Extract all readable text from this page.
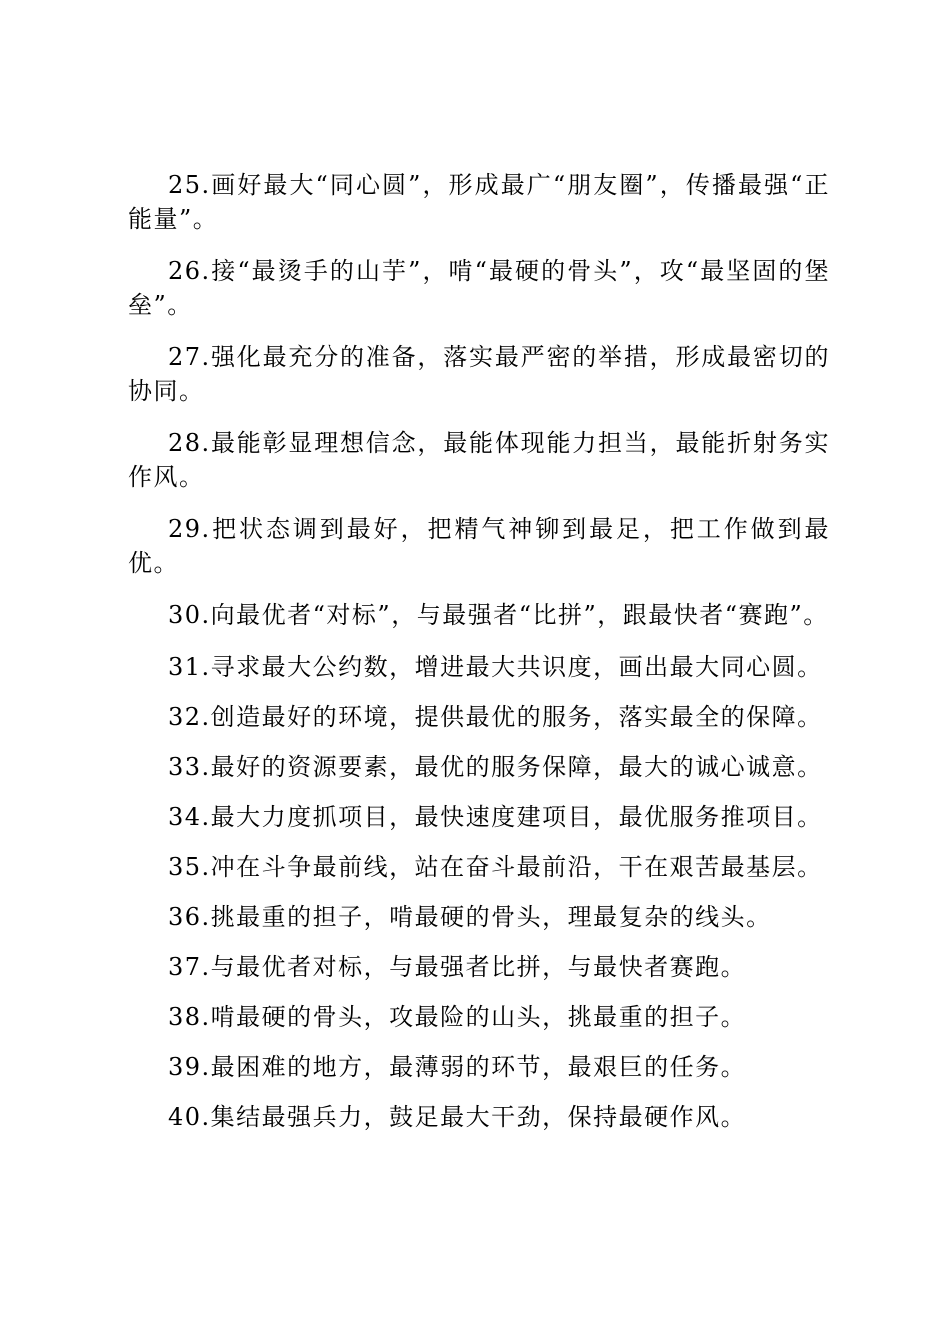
25.画好最大“同心圆”，形成最广“朋友圈”，传播最强“正能量”。

26.接“最烫手的山芋”，啃“最硬的骨头”，攻“最坚固的堡垒”。

27.强化最充分的准备，落实最严密的举措，形成最密切的协同。

28.最能彰显理想信念，最能体现能力担当，最能折射务实作风。

29.把状态调到最好，把精气神铆到最足，把工作做到最优。

30.向最优者“对标”，与最强者“比拼”，跟最快者“赛跑”。

31.寻求最大公约数，增进最大共识度，画出最大同心圆。

32.创造最好的环境，提供最优的服务，落实最全的保障。

33.最好的资源要素，最优的服务保障，最大的诚心诚意。

34.最大力度抓项目，最快速度建项目，最优服务推项目。

35.冲在斗争最前线，站在奋斗最前沿，干在艰苦最基层。

36.挑最重的担子，啃最硬的骨头，理最复杂的线头。

37.与最优者对标，与最强者比拼，与最快者赛跑。

38.啃最硬的骨头，攻最险的山头，挑最重的担子。

39.最困难的地方，最薄弱的环节，最艰巨的任务。

40.集结最强兵力，鼓足最大干劲，保持最硬作风。
